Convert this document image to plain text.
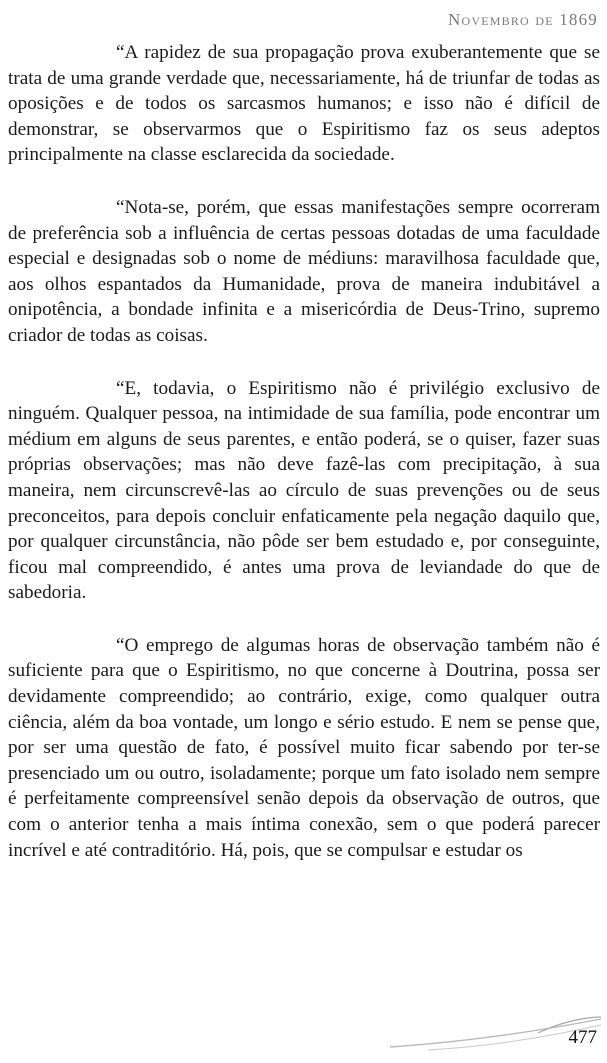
Novembro de 1869

“A rapidez de sua propagação prova exuberantemente que se trata de uma grande verdade que, necessariamente, há de triunfar de todas as oposições e de todos os sarcasmos humanos; e isso não é difícil de demonstrar, se observarmos que o Espiritismo faz os seus adeptos principalmente na classe esclarecida da sociedade.

“Nota-se, porém, que essas manifestações sempre ocorreram de preferência sob a influência de certas pessoas dotadas de uma faculdade especial e designadas sob o nome de médiuns: maravilhosa faculdade que, aos olhos espantados da Humanidade, prova de maneira indubitável a onipotência, a bondade infinita e a misericórdia de Deus-Trino, supremo criador de todas as coisas.

“E, todavia, o Espiritismo não é privilégio exclusivo de ninguém. Qualquer pessoa, na intimidade de sua família, pode encontrar um médium em alguns de seus parentes, e então poderá, se o quiser, fazer suas próprias observações; mas não deve fazê-las com precipitação, à sua maneira, nem circunscrevê-las ao círculo de suas prevenções ou de seus preconceitos, para depois concluir enfaticamente pela negação daquilo que, por qualquer circunstância, não pôde ser bem estudado e, por conseguinte, ficou mal compreendido, é antes uma prova de leviandade do que de sabedoria.

“O emprego de algumas horas de observação também não é suficiente para que o Espiritismo, no que concerne à Doutrina, possa ser devidamente compreendido; ao contrário, exige, como qualquer outra ciência, além da boa vontade, um longo e sério estudo. E nem se pense que, por ser uma questão de fato, é possível muito ficar sabendo por ter-se presenciado um ou outro, isoladamente; porque um fato isolado nem sempre é perfeitamente compreensível senão depois da observação de outros, que com o anterior tenha a mais íntima conexão, sem o que poderá parecer incrível e até contraditório. Há, pois, que se compulsar e estudar os

477
